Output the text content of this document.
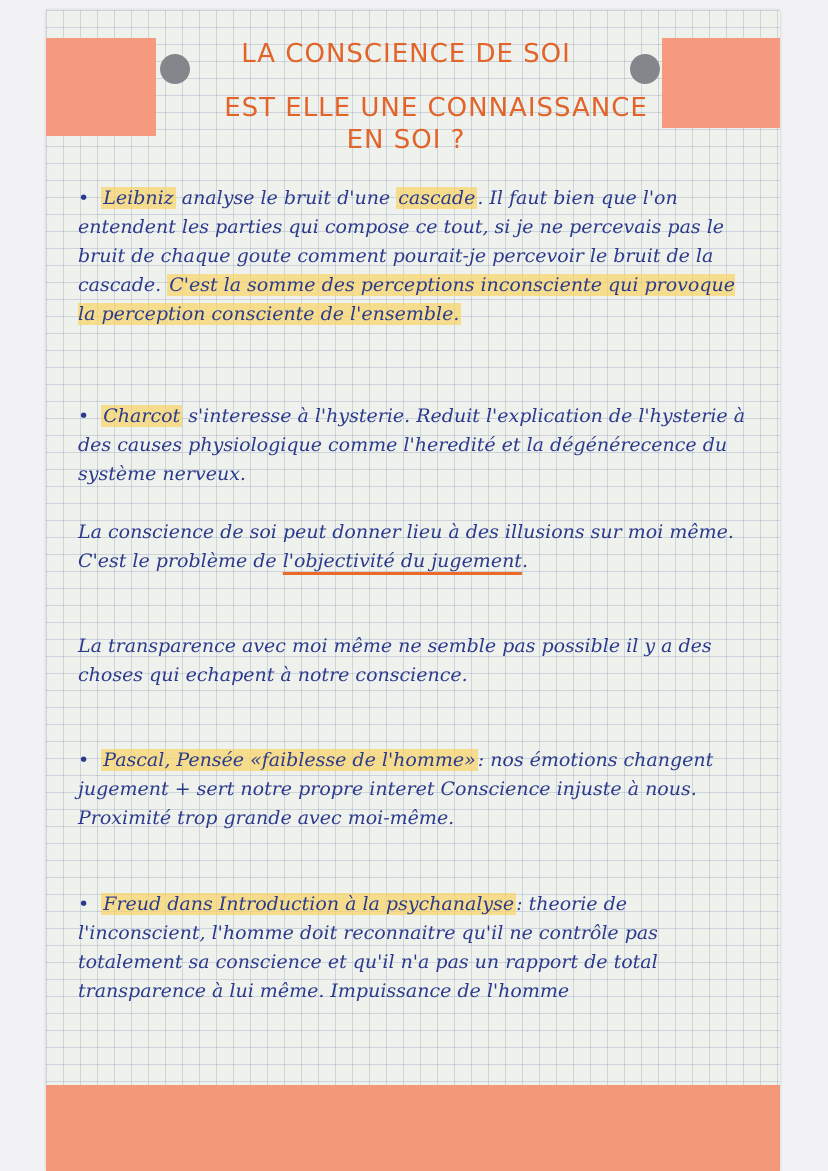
LA CONSCIENCE DE SOI

EST ELLE UNE CONNAISSANCE

EN SOI ?

• Leibniz analyse le bruit d'une cascade . Il faut bien que l'on entendent les parties qui compose ce tout, si je ne percevais pas le bruit de chaque goute comment pourait-je percevoir le bruit de la cascade. C'est la somme des perceptions inconsciente qui provoque la perception consciente de l'ensemble.

• Charcot s'interesse à l'hysterie. Reduit l'explication de l'hysterie à des causes physiologique comme l'heredité et la dégénérecence du système nerveux.

La conscience de soi peut donner lieu à des illusions sur moi même. C'est le problème de l'objectivité du jugement.

La transparence avec moi même ne semble pas possible il y a des choses qui echapent à notre conscience.

• Pascal, Pensée «faiblesse de l'homme» : nos émotions changent jugement + sert notre propre interet Conscience injuste à nous. Proximité trop grande avec moi-même.

• Freud dans Introduction à la psychanalyse : theorie de l'inconscient, l'homme doit reconnaitre qu'il ne contrôle pas totalement sa conscience et qu'il n'a pas un rapport de total transparence à lui même. Impuissance de l'homme
